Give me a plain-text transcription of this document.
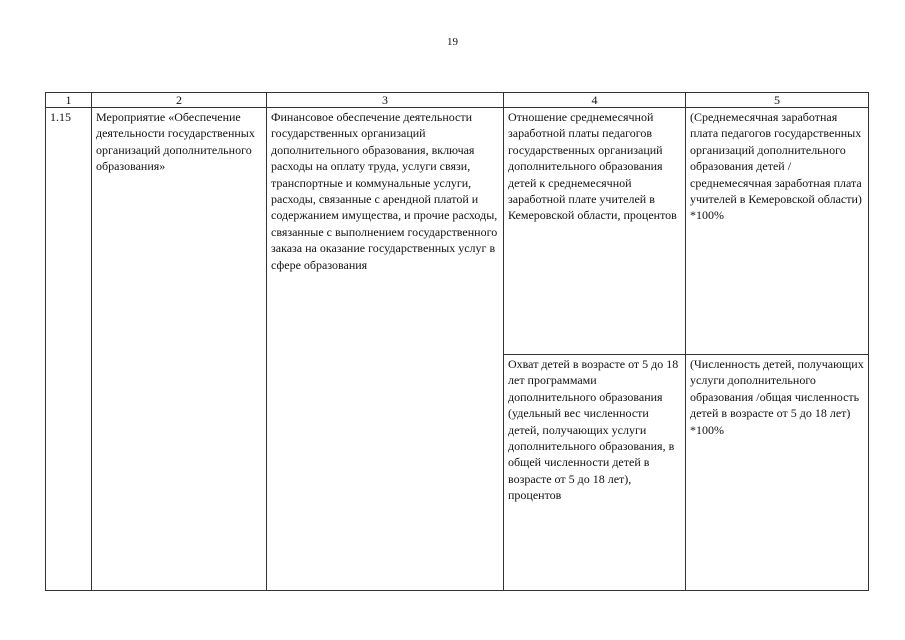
19
1	2	3	4	5
1.15	Мероприятие «Обеспечение деятельности государственных организаций дополнительного образования»	Финансовое обеспечение деятельности государственных организаций дополнительного образования, включая расходы на оплату труда, услуги связи, транспортные и коммунальные услуги, расходы, связанные с арендной платой и содержанием имущества, и прочие расходы, связанные с выполнением государственного заказа на оказание государственных услуг в сфере образования	Отношение среднемесячной заработной платы педагогов государственных организаций дополнительного образования детей к среднемесячной заработной плате учителей в Кемеровской области, процентов	(Среднемесячная заработная плата педагогов государственных организаций дополнительного образования детей / среднемесячная заработная плата учителей в Кемеровской области) *100%
			Охват детей в возрасте от 5 до 18 лет программами дополнительного образования (удельный вес численности детей, получающих услуги дополнительного образования, в общей численности детей в возрасте от 5 до 18 лет), процентов	(Численность детей, получающих услуги дополнительного образования /общая численность детей в возрасте от 5 до 18 лет) *100%
